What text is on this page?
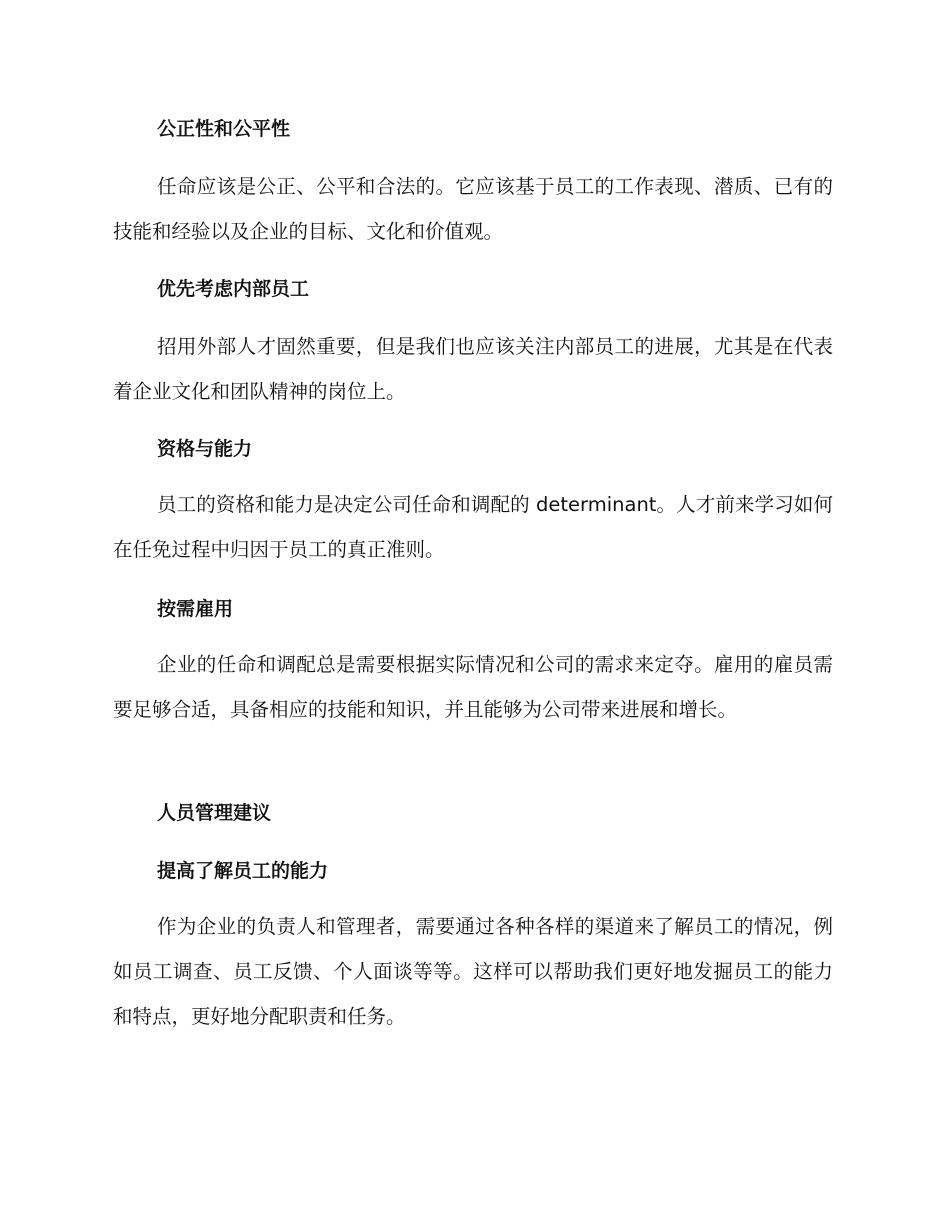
公正性和公平性
任命应该是公正、公平和合法的。它应该基于员工的工作表现、潜质、已有的技能和经验以及企业的目标、文化和价值观。
优先考虑内部员工
招用外部人才固然重要，但是我们也应该关注内部员工的进展，尤其是在代表着企业文化和团队精神的岗位上。
资格与能力
员工的资格和能力是决定公司任命和调配的 determinant。人才前来学习如何在任免过程中归因于员工的真正准则。
按需雇用
企业的任命和调配总是需要根据实际情况和公司的需求来定夺。雇用的雇员需要足够合适，具备相应的技能和知识，并且能够为公司带来进展和增长。
人员管理建议
提高了解员工的能力
作为企业的负责人和管理者，需要通过各种各样的渠道来了解员工的情况，例如员工调查、员工反馈、个人面谈等等。这样可以帮助我们更好地发掘员工的能力和特点，更好地分配职责和任务。
